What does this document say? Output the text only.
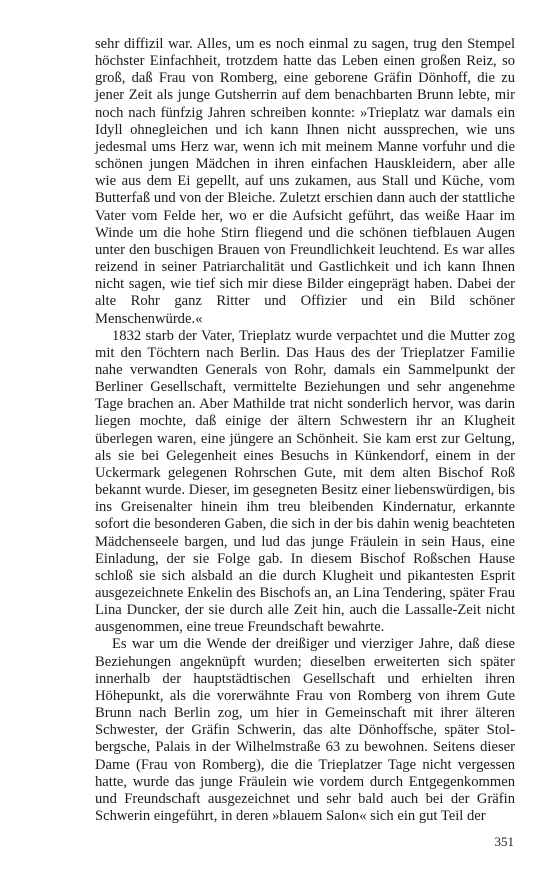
sehr diffizil war. Alles, um es noch einmal zu sagen, trug den Stempel höchster Einfachheit, trotzdem hatte das Leben einen großen Reiz, so groß, daß Frau von Romberg, eine geborene Gräfin Dönhoff, die zu jener Zeit als junge Gutsherrin auf dem benachbarten Brunn lebte, mir noch nach fünfzig Jahren schreiben konnte: »Trieplatz war damals ein Idyll ohnegleichen und ich kann Ihnen nicht aussprechen, wie uns jedesmal ums Herz war, wenn ich mit meinem Manne vorfuhr und die schönen jungen Mädchen in ihren einfachen Hauskleidern, aber alle wie aus dem Ei gepellt, auf uns zukamen, aus Stall und Küche, vom Butterfaß und von der Bleiche. Zuletzt erschien dann auch der stattliche Vater vom Felde her, wo er die Aufsicht geführt, das weiße Haar im Winde um die hohe Stirn fliegend und die schönen tiefblauen Augen unter den buschigen Brauen von Freundlichkeit leuchtend. Es war alles reizend in seiner Patriarchalität und Gastlichkeit und ich kann Ihnen nicht sagen, wie tief sich mir diese Bilder eingeprägt haben. Dabei der alte Rohr ganz Ritter und Offizier und ein Bild schöner Menschenwürde.«

1832 starb der Vater, Trieplatz wurde verpachtet und die Mutter zog mit den Töchtern nach Berlin. Das Haus des der Trieplatzer Familie nahe verwandten Generals von Rohr, damals ein Sammelpunkt der Berliner Gesellschaft, vermittelte Beziehungen und sehr angenehme Tage brachen an. Aber Mathilde trat nicht sonderlich hervor, was darin liegen mochte, daß einige der ältern Schwestern ihr an Klugheit überlegen waren, eine jüngere an Schönheit. Sie kam erst zur Geltung, als sie bei Gelegenheit eines Besuchs in Künkendorf, einem in der Uckermark gelegenen Rohrschen Gute, mit dem alten Bischof Roß bekannt wurde. Dieser, im gesegneten Besitz einer liebenswürdigen, bis ins Greisenalter hinein ihm treu bleibenden Kindernatur, erkannte sofort die besonderen Gaben, die sich in der bis dahin wenig beachteten Mädchenseele bargen, und lud das junge Fräulein in sein Haus, eine Einladung, der sie Folge gab. In diesem Bischof Roßschen Hause schloß sie sich alsbald an die durch Klugheit und pikantesten Esprit ausgezeichnete Enkelin des Bischofs an, an Lina Tendering, später Frau Lina Duncker, der sie durch alle Zeit hin, auch die Lassalle-Zeit nicht ausgenommen, eine treue Freundschaft bewahrte.

Es war um die Wende der dreißiger und vierziger Jahre, daß diese Beziehungen angeknüpft wurden; dieselben erweiterten sich später innerhalb der hauptstädtischen Gesellschaft und erhielten ihren Höhepunkt, als die vorerwähnte Frau von Romberg von ihrem Gute Brunn nach Berlin zog, um hier in Gemeinschaft mit ihrer älteren Schwester, der Gräfin Schwerin, das alte Dönhoffsche, später Stolbergsche, Palais in der Wilhelmstraße 63 zu bewohnen. Seitens dieser Dame (Frau von Romberg), die die Trieplatzer Tage nicht vergessen hatte, wurde das junge Fräulein wie vordem durch Entgegenkommen und Freundschaft ausgezeichnet und sehr bald auch bei der Gräfin Schwerin eingeführt, in deren »blauem Salon« sich ein gut Teil der

351
